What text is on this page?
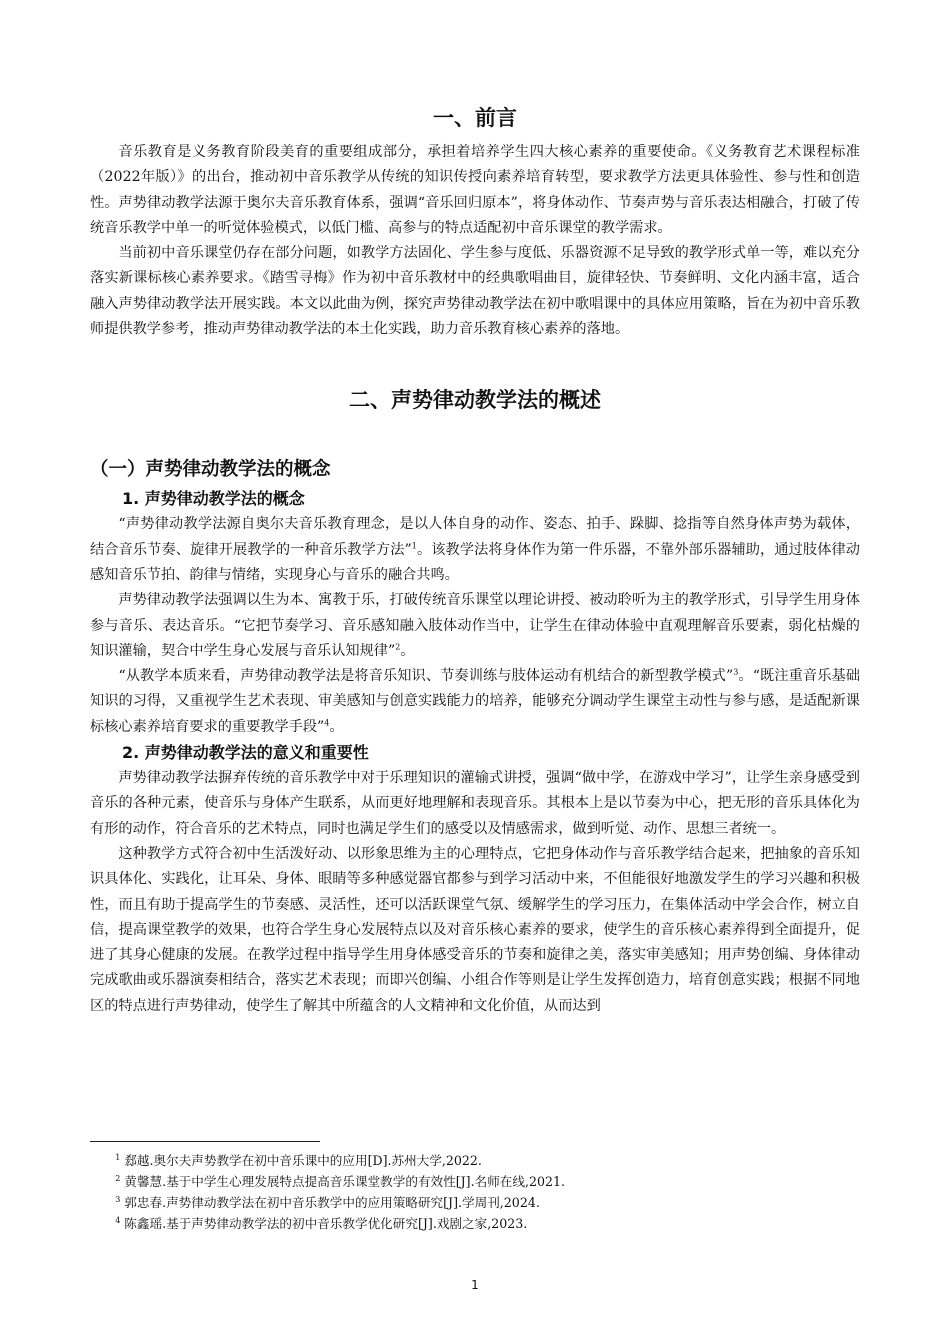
一、前言

音乐教育是义务教育阶段美育的重要组成部分，承担着培养学生四大核心素养的重要使命。《义务教育艺术课程标准（2022年版）》的出台，推动初中音乐教学从传统的知识传授向素养培育转型，要求教学方法更具体验性、参与性和创造性。声势律动教学法源于奥尔夫音乐教育体系，强调“音乐回归原本”，将身体动作、节奏声势与音乐表达相融合，打破了传统音乐教学中单一的听觉体验模式，以低门槛、高参与的特点适配初中音乐课堂的教学需求。

当前初中音乐课堂仍存在部分问题，如教学方法固化、学生参与度低、乐器资源不足导致的教学形式单一等，难以充分落实新课标核心素养要求。《踏雪寻梅》作为初中音乐教材中的经典歌唱曲目，旋律轻快、节奏鲜明、文化内涵丰富，适合融入声势律动教学法开展实践。本文以此曲为例，探究声势律动教学法在初中歌唱课中的具体应用策略，旨在为初中音乐教师提供教学参考，推动声势律动教学法的本土化实践，助力音乐教育核心素养的落地。

二、声势律动教学法的概述
（一）声势律动教学法的概念
1. 声势律动教学法的概念

“声势律动教学法源自奥尔夫音乐教育理念，是以人体自身的动作、姿态、拍手、跺脚、捻指等自然身体声势为载体，结合音乐节奏、旋律开展教学的一种音乐教学方法”$^1$。该教学法将身体作为第一件乐器，不靠外部乐器辅助，通过肢体律动感知音乐节拍、韵律与情绪，实现身心与音乐的融合共鸣。

声势律动教学法强调以生为本、寓教于乐，打破传统音乐课堂以理论讲授、被动聆听为主的教学形式，引导学生用身体参与音乐、表达音乐。“它把节奏学习、音乐感知融入肢体动作当中，让学生在律动体验中直观理解音乐要素，弱化枯燥的知识灌输，契合中学生身心发展与音乐认知规律”$^2$。

“从教学本质来看，声势律动教学法是将音乐知识、节奏训练与肢体运动有机结合的新型教学模式”$^3$。“既注重音乐基础知识的习得，又重视学生艺术表现、审美感知与创意实践能力的培养，能够充分调动学生课堂主动性与参与感，是适配新课标核心素养培育要求的重要教学手段”$^4$。

2. 声势律动教学法的意义和重要性

声势律动教学法摒弃传统的音乐教学中对于乐理知识的灌输式讲授，强调“做中学，在游戏中学习”，让学生亲身感受到音乐的各种元素，使音乐与身体产生联系，从而更好地理解和表现音乐。其根本上是以节奏为中心，把无形的音乐具体化为有形的动作，符合音乐的艺术特点，同时也满足学生们的感受以及情感需求，做到听觉、动作、思想三者统一。

这种教学方式符合初中生活泼好动、以形象思维为主的心理特点，它把身体动作与音乐教学结合起来，把抽象的音乐知识具体化、实践化，让耳朵、身体、眼睛等多种感觉器官都参与到学习活动中来，不但能很好地激发学生的学习兴趣和积极性，而且有助于提高学生的节奏感、灵活性，还可以活跃课堂气氛、缓解学生的学习压力，在集体活动中学会合作，树立自信，提高课堂教学的效果，也符合学生身心发展特点以及对音乐核心素养的要求，使学生的音乐核心素养得到全面提升，促进了其身心健康的发展。在教学过程中指导学生用身体感受音乐的节奏和旋律之美，落实审美感知；用声势创编、身体律动完成歌曲或乐器演奏相结合，落实艺术表现；而即兴创编、小组合作等则是让学生发挥创造力，培育创意实践；根据不同地区的特点进行声势律动，使学生了解其中所蕴含的人文精神和文化价值，从而达到

$^1$ 郄越.奥尔夫声势教学在初中音乐课中的应用[D].苏州大学,2022.

$^2$ 黄馨慧.基于中学生心理发展特点提高音乐课堂教学的有效性[J].名师在线,2021.

$^3$ 郭忠春.声势律动教学法在初中音乐教学中的应用策略研究[J].学周刊,2024.

$^4$ 陈鑫瑶.基于声势律动教学法的初中音乐教学优化研究[J].戏剧之家,2023.

1
